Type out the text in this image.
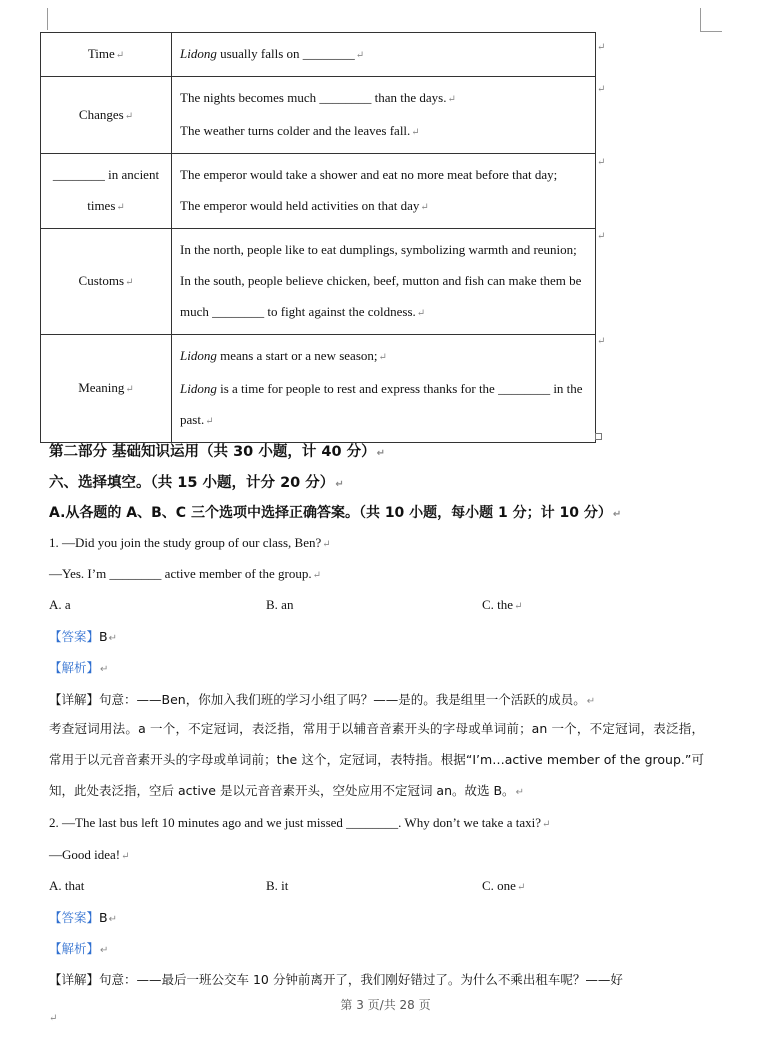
Time↵	Lidong usually falls on ________↵
Changes↵	The nights becomes much ________ than the days.↵
The weather turns colder and the leaves fall.↵

________ in ancient times↵	The emperor would take a shower and eat no more meat before that day;
The emperor would held activities on that day↵

Customs↵	In the north, people like to eat dumplings, symbolizing warmth and reunion; In the south, people believe chicken, beef, mutton and fish can make them be much ________ to fight against the coldness.↵
Meaning↵	Lidong means a start or a new season;↵
Lidong is a time for people to rest and express thanks for the ________ in the past.↵
↵
↵
↵
↵
↵
第二部分 基础知识运用（共 30 小题，计 40 分）↵
六、选择填空。（共 15 小题，计分 20 分）↵
A.从各题的 A、B、C 三个选项中选择正确答案。（共 10 小题，每小题 1 分；计 10 分）↵
1. —Did you join the study group of our class, Ben?↵
—Yes. I’m ________ active member of the group.↵
A. a	B. an	C. the↵
【答案】B↵
【解析】↵
【详解】句意：——Ben，你加入我们班的学习小组了吗？——是的。我是组里一个活跃的成员。↵
考查冠词用法。a 一个，不定冠词，表泛指，常用于以辅音音素开头的字母或单词前；an 一个，不定冠词，表泛指，常用于以元音音素开头的字母或单词前；the 这个，定冠词，表特指。根据“I’m…active member of the group.”可知，此处表泛指，空后 active 是以元音音素开头，空处应用不定冠词 an。故选 B。↵
2. —The last bus left 10 minutes ago and we just missed ________. Why don’t we take a taxi?↵
—Good idea!↵
A. that	B. it	C. one↵
【答案】B↵
【解析】↵
【详解】句意：——最后一班公交车 10 分钟前离开了，我们刚好错过了。为什么不乘出租车呢？——好
第 3 页/共 28 页
↵
